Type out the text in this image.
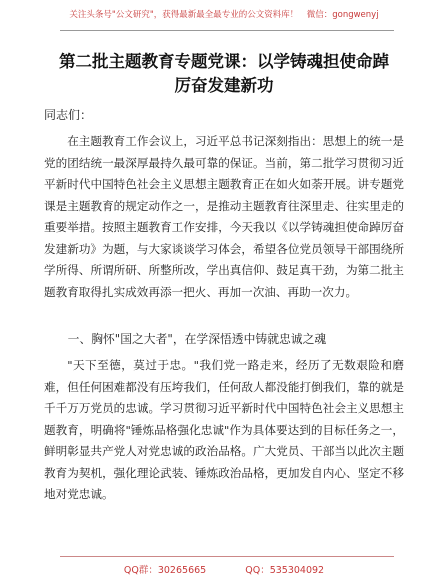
关注头条号"公文研究"，获得最新最全最专业的公文资料库！　微信：gongwenyj
第二批主题教育专题党课：以学铸魂担使命踔
厉奋发建新功
同志们：

在主题教育工作会议上，习近平总书记深刻指出：思想上的统一是党的团结统一最深厚最持久最可靠的保证。当前，第二批学习贯彻习近平新时代中国特色社会主义思想主题教育正在如火如荼开展。讲专题党课是主题教育的规定动作之一，是推动主题教育往深里走、往实里走的重要举措。按照主题教育工作安排，今天我以《以学铸魂担使命踔厉奋发建新功》为题，与大家谈谈学习体会，希望各位党员领导干部围绕所学所得、所谓所研、所整所改，学出真信仰、鼓足真干劲，为第二批主题教育取得扎实成效再添一把火、再加一次油、再助一次力。

一、胸怀"国之大者"，在学深悟透中铸就忠诚之魂

"天下至德，莫过于忠。"我们党一路走来，经历了无数艰险和磨难，但任何困难都没有压垮我们，任何敌人都没能打倒我们，靠的就是千千万万党员的忠诚。学习贯彻习近平新时代中国特色社会主义思想主题教育，明确将"锤炼品格强化忠诚"作为具体要达到的目标任务之一，鲜明彰显共产党人对党忠诚的政治品格。广大党员、干部当以此次主题教育为契机，强化理论武装、锤炼政治品格，更加发自内心、坚定不移地对党忠诚。

QQ群：30265665	QQ：535304092
